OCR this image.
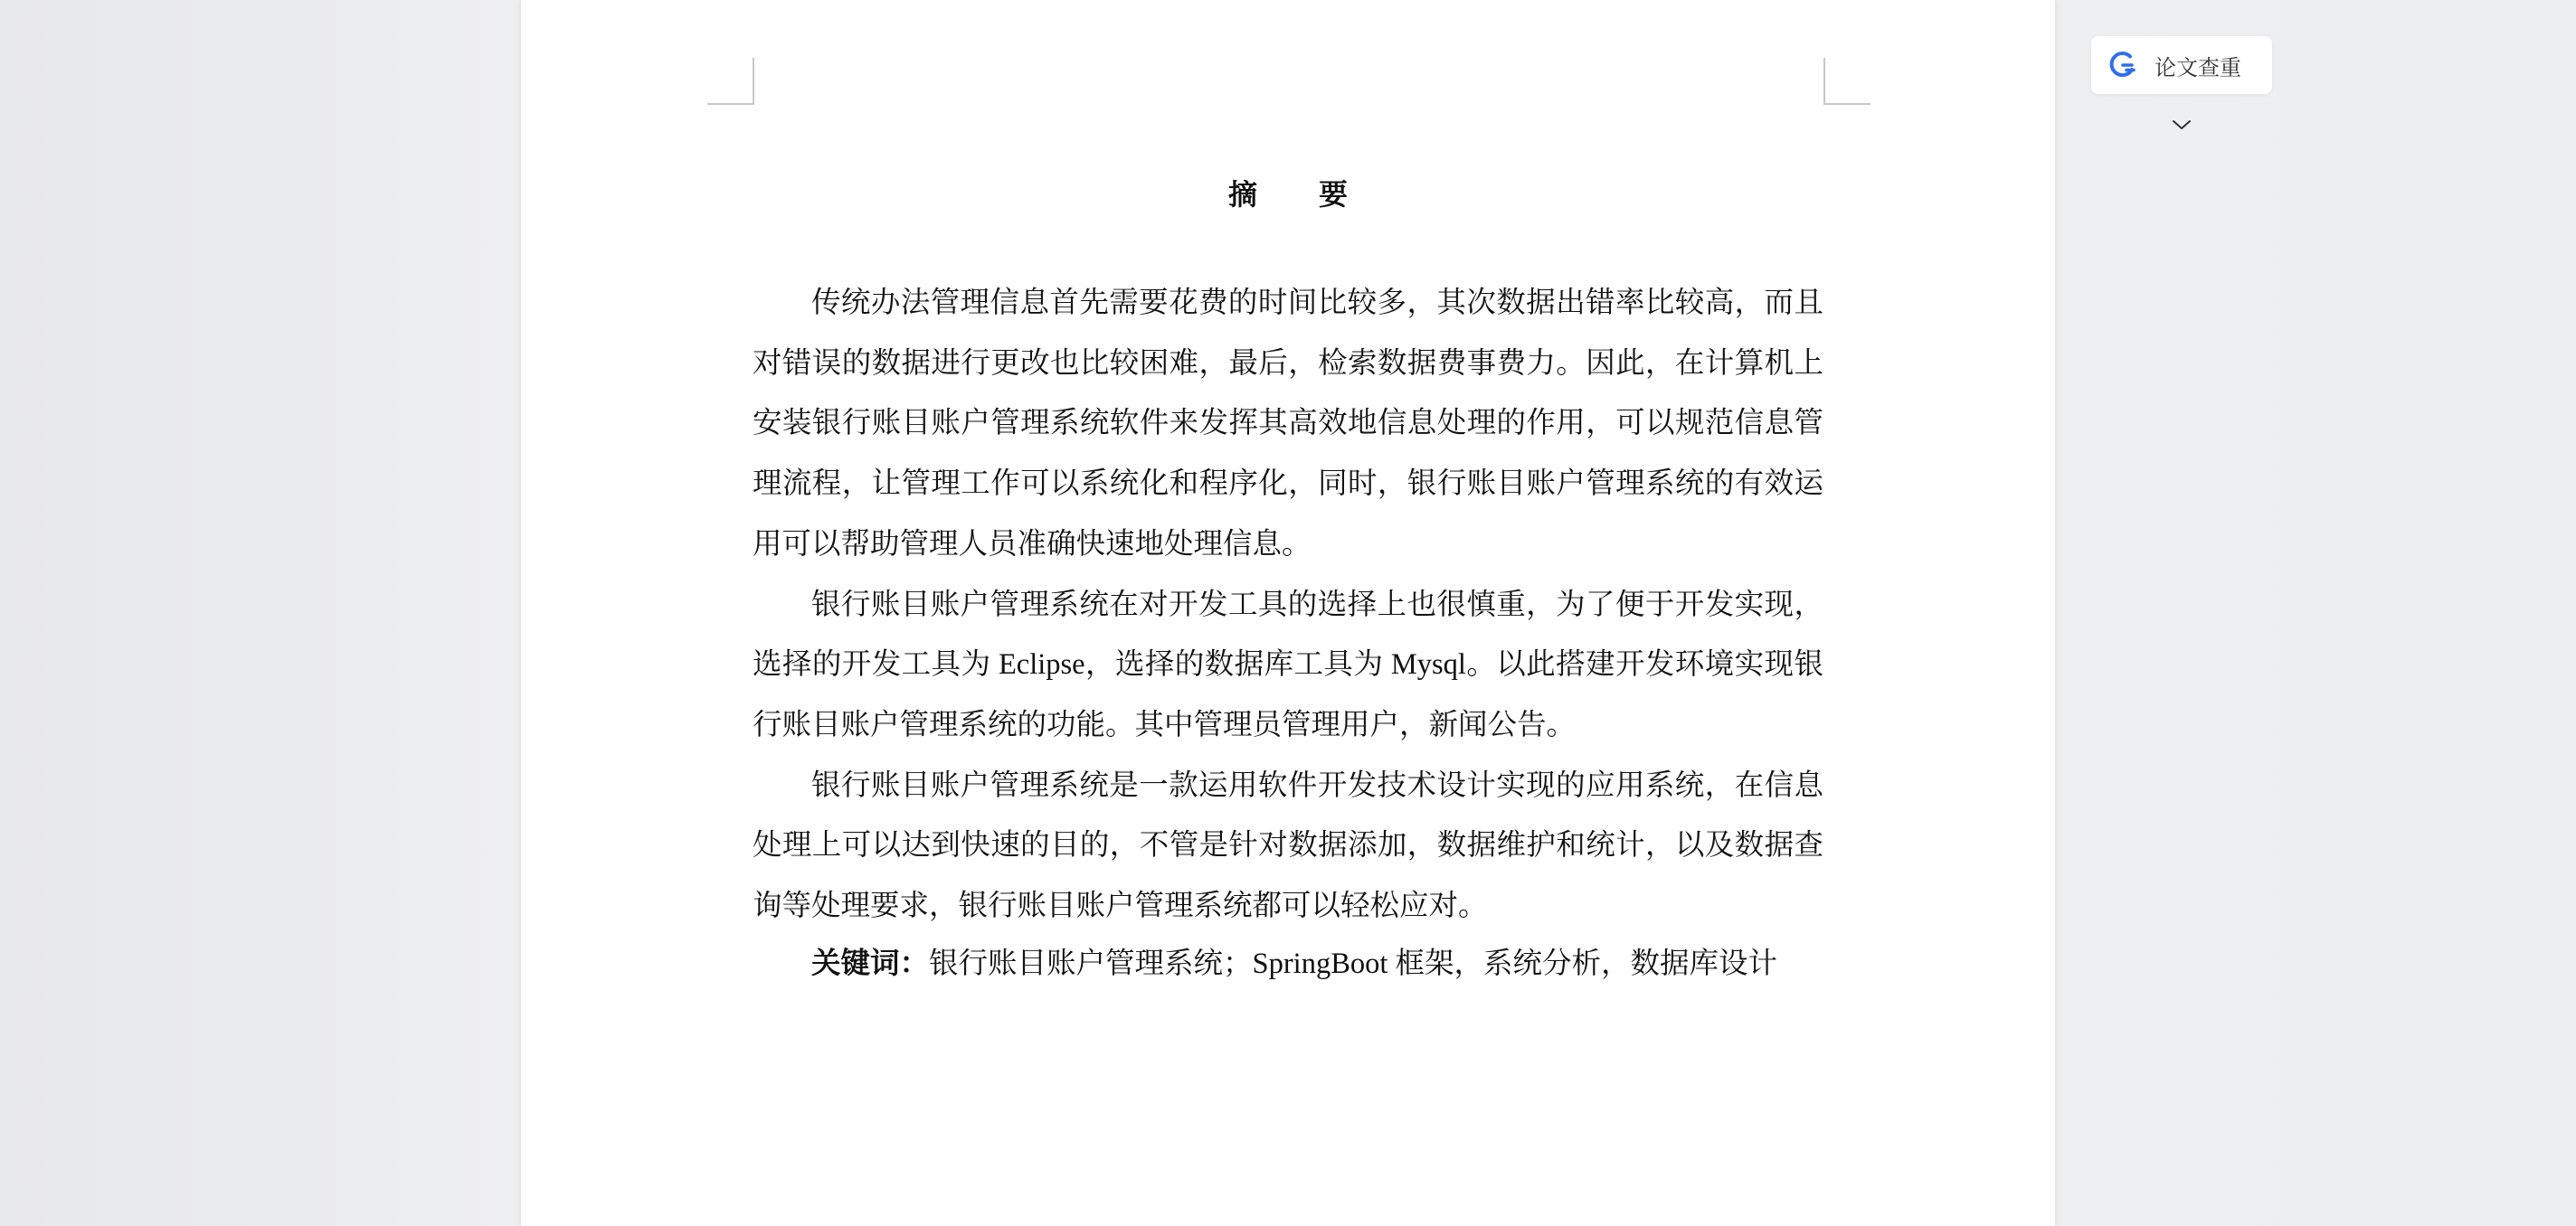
摘 要

传统办法管理信息首先需要花费的时间比较多，其次数据出错率比较高，而且对错误的数据进行更改也比较困难，最后，检索数据费事费力。因此，在计算机上安装银行账目账户管理系统软件来发挥其高效地信息处理的作用，可以规范信息管理流程，让管理工作可以系统化和程序化，同时，银行账目账户管理系统的有效运用可以帮助管理人员准确快速地处理信息。

银行账目账户管理系统在对开发工具的选择上也很慎重，为了便于开发实现，选择的开发工具为 Eclipse，选择的数据库工具为 Mysql。以此搭建开发环境实现银行账目账户管理系统的功能。其中管理员管理用户，新闻公告。

银行账目账户管理系统是一款运用软件开发技术设计实现的应用系统，在信息处理上可以达到快速的目的，不管是针对数据添加，数据维护和统计，以及数据查询等处理要求，银行账目账户管理系统都可以轻松应对。

关键词：银行账目账户管理系统；SpringBoot 框架，系统分析，数据库设计

论文查重
